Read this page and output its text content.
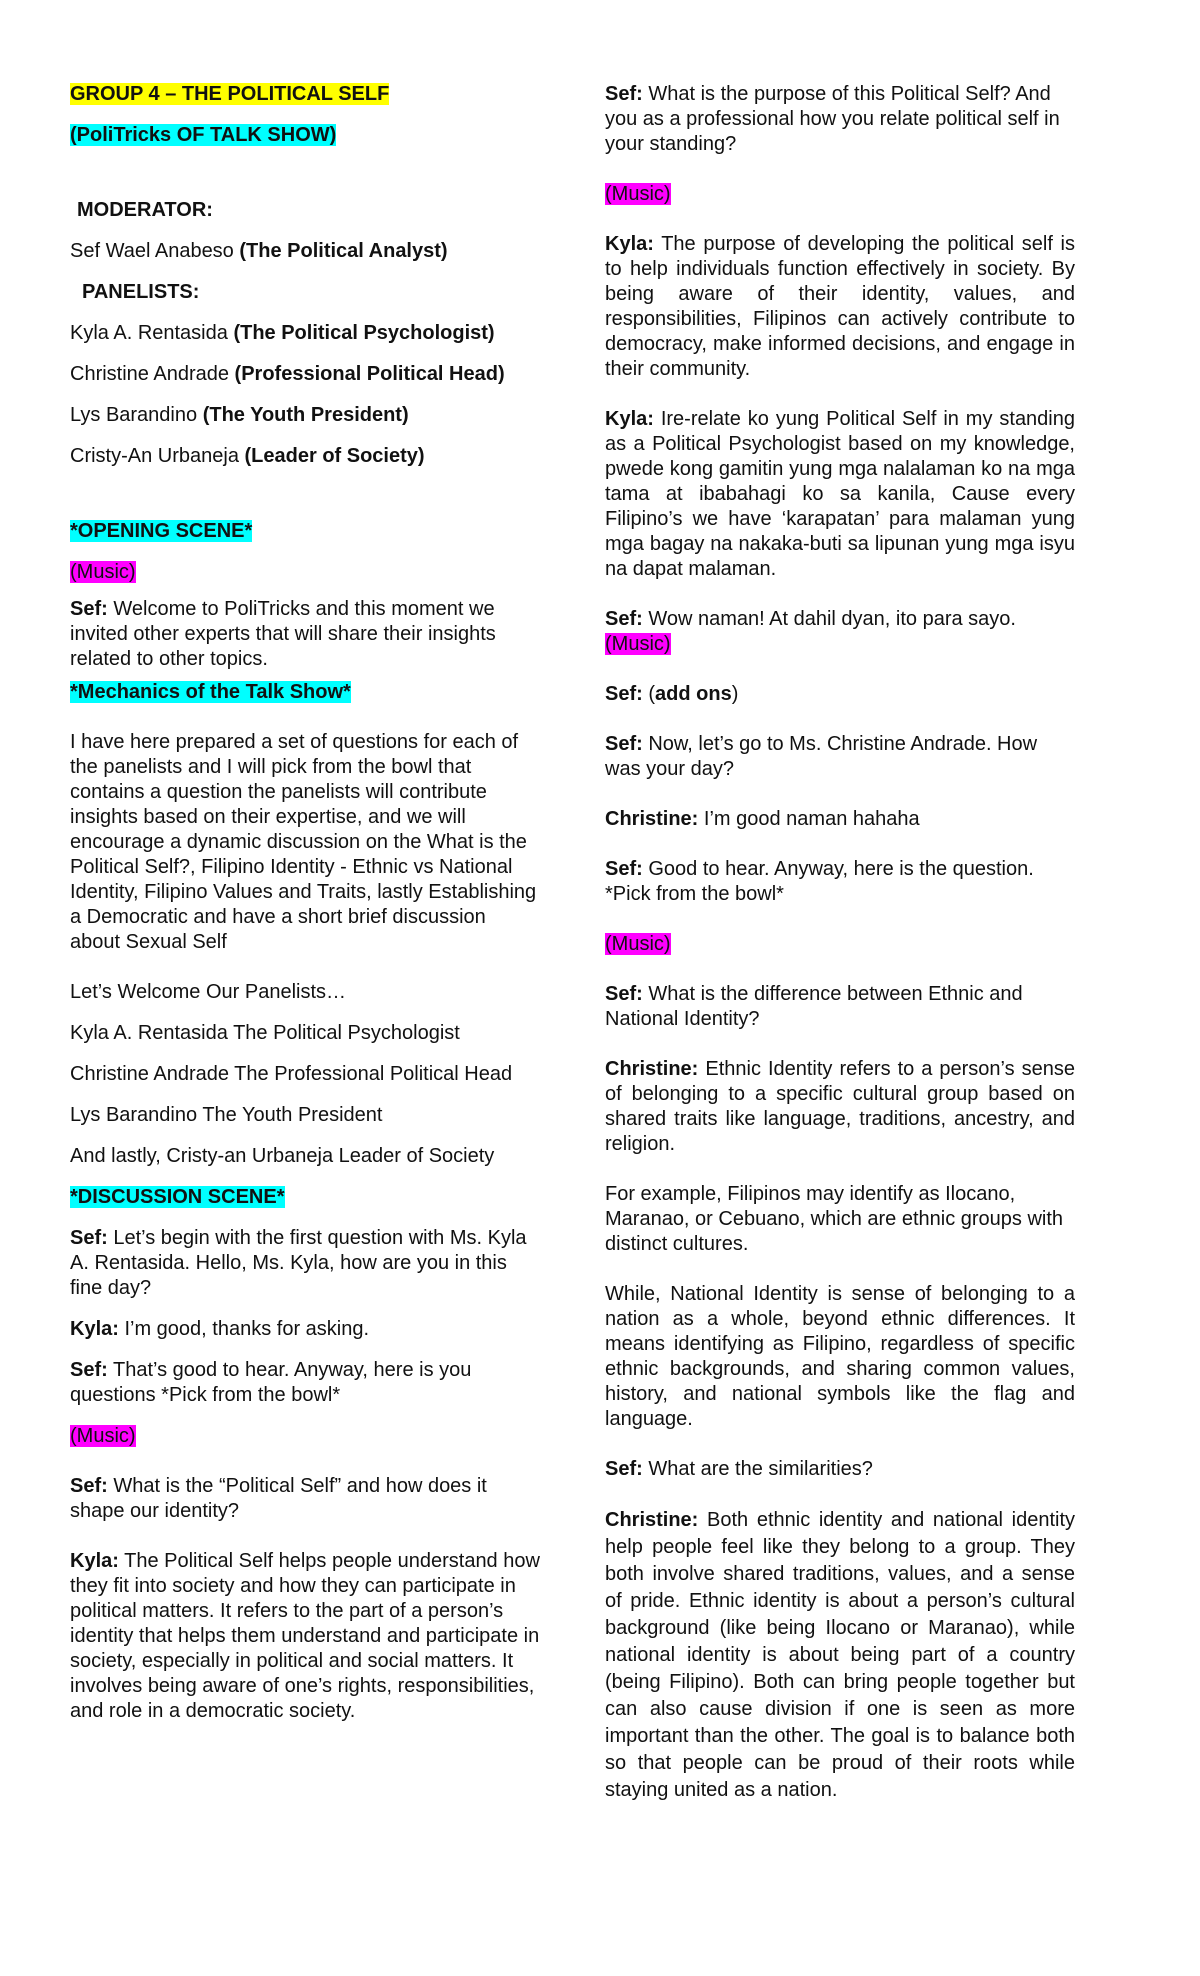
GROUP 4 – THE POLITICAL SELF

(PoliTricks OF TALK SHOW)

MODERATOR:

Sef Wael Anabeso (The Political Analyst)

PANELISTS:

Kyla A. Rentasida (The Political Psychologist)

Christine Andrade (Professional Political Head)

Lys Barandino (The Youth President)

Cristy-An Urbaneja (Leader of Society)

*OPENING SCENE*

(Music)

Sef: Welcome to PoliTricks and this moment we invited other experts that will share their insights related to other topics.

*Mechanics of the Talk Show*

I have here prepared a set of questions for each of the panelists and I will pick from the bowl that contains a question the panelists will contribute insights based on their expertise, and we will encourage a dynamic discussion on the What is the Political Self?, Filipino Identity - Ethnic vs National Identity, Filipino Values and Traits, lastly Establishing a Democratic and have a short brief discussion about Sexual Self

Let’s Welcome Our Panelists…

Kyla A. Rentasida The Political Psychologist

Christine Andrade The Professional Political Head

Lys Barandino The Youth President

And lastly, Cristy-an Urbaneja Leader of Society

*DISCUSSION SCENE*

Sef: Let’s begin with the first question with Ms. Kyla A. Rentasida. Hello, Ms. Kyla, how are you in this fine day?

Kyla: I’m good, thanks for asking.

Sef: That’s good to hear. Anyway, here is you questions *Pick from the bowl*

(Music)

Sef: What is the “Political Self” and how does it shape our identity?

Kyla: The Political Self helps people understand how they fit into society and how they can participate in political matters. It refers to the part of a person’s identity that helps them understand and participate in society, especially in political and social matters. It involves being aware of one’s rights, responsibilities, and role in a democratic society.

Sef: What is the purpose of this Political Self? And you as a professional how you relate political self in your standing?

(Music)

Kyla: The purpose of developing the political self is to help individuals function effectively in society. By being aware of their identity, values, and responsibilities, Filipinos can actively contribute to democracy, make informed decisions, and engage in their community.

Kyla: Ire-relate ko yung Political Self in my standing as a Political Psychologist based on my knowledge, pwede kong gamitin yung mga nalalaman ko na mga tama at ibabahagi ko sa kanila, Cause every Filipino’s we have ‘karapatan’ para malaman yung mga bagay na nakaka-buti sa lipunan yung mga isyu na dapat malaman.

Sef: Wow naman! At dahil dyan, ito para sayo.

(Music)

Sef: (add ons)

Sef: Now, let’s go to Ms. Christine Andrade. How was your day?

Christine: I’m good naman hahaha

Sef: Good to hear. Anyway, here is the question. *Pick from the bowl*

(Music)

Sef: What is the difference between Ethnic and National Identity?

Christine: Ethnic Identity refers to a person’s sense of belonging to a specific cultural group based on shared traits like language, traditions, ancestry, and religion.

For example, Filipinos may identify as Ilocano, Maranao, or Cebuano, which are ethnic groups with distinct cultures.

While, National Identity is sense of belonging to a nation as a whole, beyond ethnic differences. It means identifying as Filipino, regardless of specific ethnic backgrounds, and sharing common values, history, and national symbols like the flag and language.

Sef: What are the similarities?

Christine: Both ethnic identity and national identity help people feel like they belong to a group. They both involve shared traditions, values, and a sense of pride. Ethnic identity is about a person’s cultural background (like being Ilocano or Maranao), while national identity is about being part of a country (being Filipino). Both can bring people together but can also cause division if one is seen as more important than the other. The goal is to balance both so that people can be proud of their roots while staying united as a nation.
